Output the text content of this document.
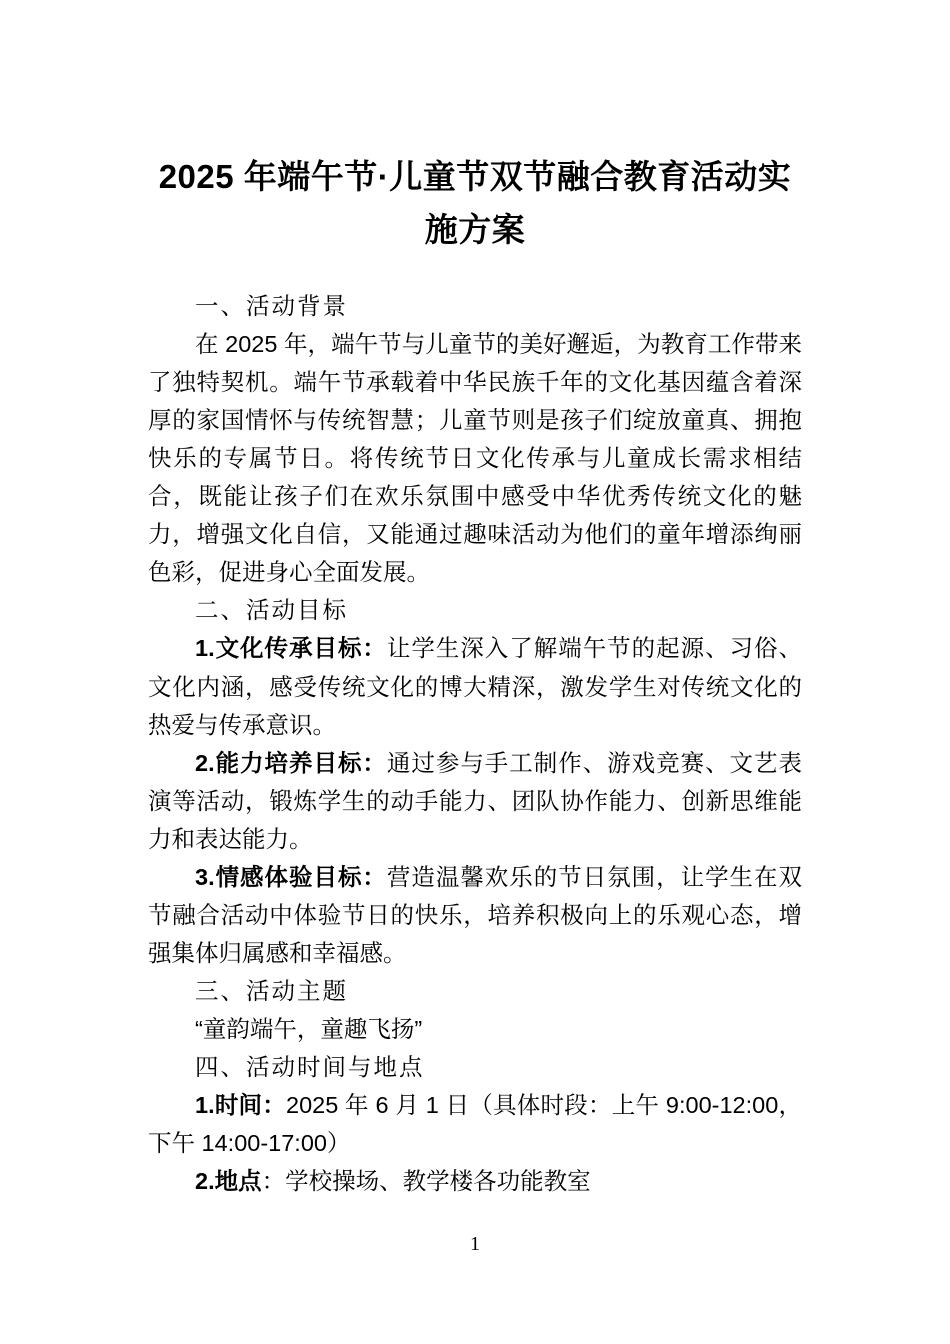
2025 年端午节·儿童节双节融合教育活动实施方案

一、活动背景

在 2025 年，端午节与儿童节的美好邂逅，为教育工作带来了独特契机。端午节承载着中华民族千年的文化基因蕴含着深厚的家国情怀与传统智慧；儿童节则是孩子们绽放童真、拥抱快乐的专属节日。将传统节日文化传承与儿童成长需求相结合，既能让孩子们在欢乐氛围中感受中华优秀传统文化的魅力，增强文化自信，又能通过趣味活动为他们的童年增添绚丽色彩，促进身心全面发展。

二、活动目标

1.文化传承目标：让学生深入了解端午节的起源、习俗、文化内涵，感受传统文化的博大精深，激发学生对传统文化的热爱与传承意识。

2.能力培养目标：通过参与手工制作、游戏竞赛、文艺表演等活动，锻炼学生的动手能力、团队协作能力、创新思维能力和表达能力。

3.情感体验目标：营造温馨欢乐的节日氛围，让学生在双节融合活动中体验节日的快乐，培养积极向上的乐观心态，增强集体归属感和幸福感。

三、活动主题

“童韵端午，童趣飞扬”

四、活动时间与地点

1.时间：2025 年 6 月 1 日（具体时段：上午 9:00-12:00，下午 14:00-17:00）

2.地点：学校操场、教学楼各功能教室

1
